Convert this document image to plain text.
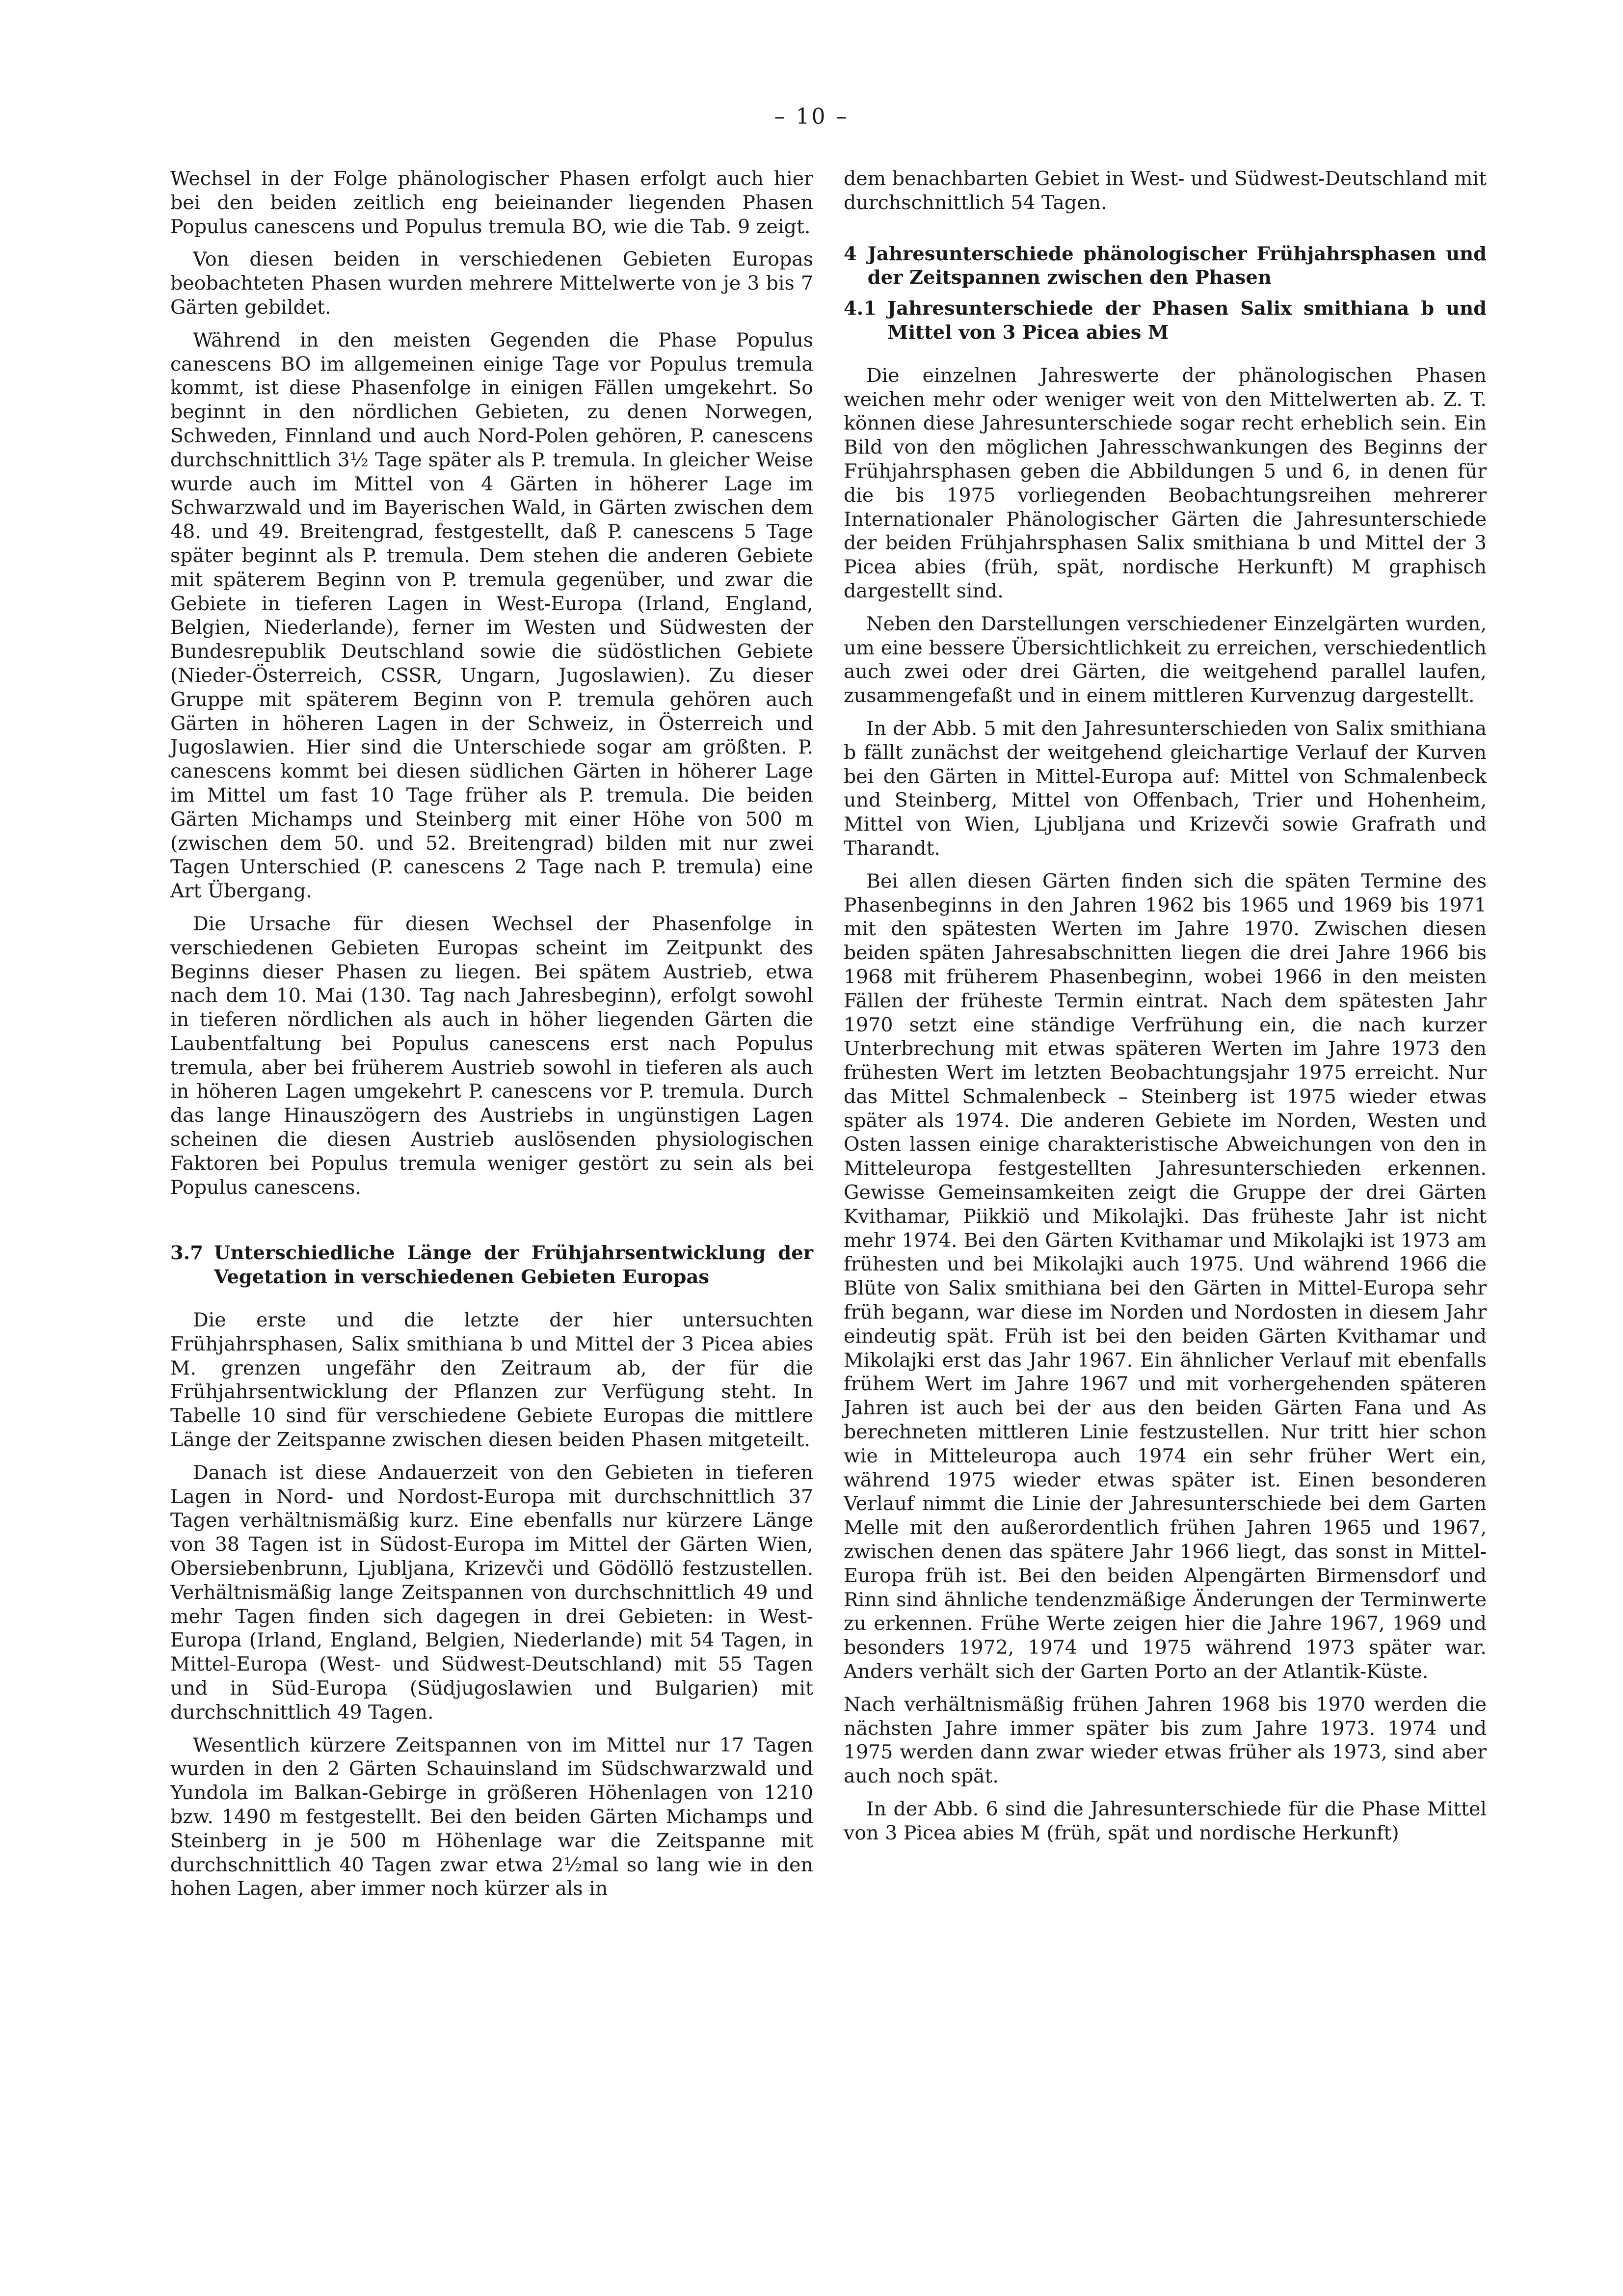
– 10 –

Wechsel in der Folge phänologischer Phasen erfolgt auch hier bei den beiden zeitlich eng beieinander liegenden Phasen Populus canescens und Populus tremula BO, wie die Tab. 9 zeigt.

Von diesen beiden in verschiedenen Gebieten Europas beobachteten Phasen wurden mehrere Mittelwerte von je 3 bis 7 Gärten gebildet.

Während in den meisten Gegenden die Phase Populus canescens BO im allgemeinen einige Tage vor Populus tremula kommt, ist diese Phasenfolge in einigen Fällen umgekehrt. So beginnt in den nördlichen Gebieten, zu denen Norwegen, Schweden, Finnland und auch Nord-Polen gehören, P. canescens durchschnittlich 3½ Tage später als P. tremula. In gleicher Weise wurde auch im Mittel von 4 Gärten in höherer Lage im Schwarzwald und im Bayerischen Wald, in Gärten zwischen dem 48. und 49. Breitengrad, festgestellt, daß P. canescens 5 Tage später beginnt als P. tremula. Dem stehen die anderen Gebiete mit späterem Beginn von P. tremula gegenüber, und zwar die Gebiete in tieferen Lagen in West-Europa (Irland, England, Belgien, Niederlande), ferner im Westen und Südwesten der Bundesrepublik Deutschland sowie die südöstlichen Gebiete (Nieder-Österreich, CSSR, Ungarn, Jugoslawien). Zu dieser Gruppe mit späterem Beginn von P. tremula gehören auch Gärten in höheren Lagen in der Schweiz, in Österreich und Jugoslawien. Hier sind die Unterschiede sogar am größten. P. canescens kommt bei diesen südlichen Gärten in höherer Lage im Mittel um fast 10 Tage früher als P. tremula. Die beiden Gärten Michamps und Steinberg mit einer Höhe von 500 m (zwischen dem 50. und 52. Breitengrad) bilden mit nur zwei Tagen Unterschied (P. canescens 2 Tage nach P. tremula) eine Art Übergang.

Die Ursache für diesen Wechsel der Phasenfolge in verschiedenen Gebieten Europas scheint im Zeitpunkt des Beginns dieser Phasen zu liegen. Bei spätem Austrieb, etwa nach dem 10. Mai (130. Tag nach Jahresbeginn), erfolgt sowohl in tieferen nördlichen als auch in höher liegenden Gärten die Laubentfaltung bei Populus canescens erst nach Populus tremula, aber bei früherem Austrieb sowohl in tieferen als auch in höheren Lagen umgekehrt P. canescens vor P. tremula. Durch das lange Hinauszögern des Austriebs in ungünstigen Lagen scheinen die diesen Austrieb auslösenden physiologischen Faktoren bei Populus tremula weniger gestört zu sein als bei Populus canescens.

3.7 Unterschiedliche Länge der Frühjahrsentwicklung der Vegetation in verschiedenen Gebieten Europas

Die erste und die letzte der hier untersuchten Frühjahrsphasen, Salix smithiana b und Mittel der 3 Picea abies M. grenzen ungefähr den Zeitraum ab, der für die Frühjahrsentwicklung der Pflanzen zur Verfügung steht. In Tabelle 10 sind für verschiedene Gebiete Europas die mittlere Länge der Zeitspanne zwischen diesen beiden Phasen mitgeteilt.

Danach ist diese Andauerzeit von den Gebieten in tieferen Lagen in Nord- und Nordost-Europa mit durchschnittlich 37 Tagen verhältnismäßig kurz. Eine ebenfalls nur kürzere Länge von 38 Tagen ist in Südost-Europa im Mittel der Gärten Wien, Obersiebenbrunn, Ljubljana, Krizevči und Gödöllö festzustellen. Verhältnismäßig lange Zeitspannen von durchschnittlich 49 und mehr Tagen finden sich dagegen in drei Gebieten: in West-Europa (Irland, England, Belgien, Niederlande) mit 54 Tagen, in Mittel-Europa (West- und Südwest-Deutschland) mit 55 Tagen und in Süd-Europa (Südjugoslawien und Bulgarien) mit durchschnittlich 49 Tagen.

Wesentlich kürzere Zeitspannen von im Mittel nur 17 Tagen wurden in den 2 Gärten Schauinsland im Südschwarzwald und Yundola im Balkan-Gebirge in größeren Höhenlagen von 1210 bzw. 1490 m festgestellt. Bei den beiden Gärten Michamps und Steinberg in je 500 m Höhenlage war die Zeitspanne mit durchschnittlich 40 Tagen zwar etwa 2½mal so lang wie in den hohen Lagen, aber immer noch kürzer als in

dem benachbarten Gebiet in West- und Südwest-Deutschland mit durchschnittlich 54 Tagen.

4 Jahresunterschiede phänologischer Frühjahrsphasen und der Zeitspannen zwischen den Phasen
4.1 Jahresunterschiede der Phasen Salix smithiana b und Mittel von 3 Picea abies M

Die einzelnen Jahreswerte der phänologischen Phasen weichen mehr oder weniger weit von den Mittelwerten ab. Z. T. können diese Jahresunterschiede sogar recht erheblich sein. Ein Bild von den möglichen Jahresschwankungen des Beginns der Frühjahrsphasen geben die Abbildungen 5 und 6, in denen für die bis 1975 vorliegenden Beobachtungsreihen mehrerer Internationaler Phänologischer Gärten die Jahresunterschiede der beiden Frühjahrsphasen Salix smithiana b und Mittel der 3 Picea abies (früh, spät, nordische Herkunft) M graphisch dargestellt sind.

Neben den Darstellungen verschiedener Einzelgärten wurden, um eine bessere Übersichtlichkeit zu erreichen, verschiedentlich auch zwei oder drei Gärten, die weitgehend parallel laufen, zusammengefaßt und in einem mittleren Kurvenzug dargestellt.

In der Abb. 5 mit den Jahresunterschieden von Salix smithiana b fällt zunächst der weitgehend gleichartige Verlauf der Kurven bei den Gärten in Mittel-Europa auf: Mittel von Schmalenbeck und Steinberg, Mittel von Offenbach, Trier und Hohenheim, Mittel von Wien, Ljubljana und Krizevči sowie Grafrath und Tharandt.

Bei allen diesen Gärten finden sich die späten Termine des Phasenbeginns in den Jahren 1962 bis 1965 und 1969 bis 1971 mit den spätesten Werten im Jahre 1970. Zwischen diesen beiden späten Jahresabschnitten liegen die drei Jahre 1966 bis 1968 mit früherem Phasenbeginn, wobei 1966 in den meisten Fällen der früheste Termin eintrat. Nach dem spätesten Jahr 1970 setzt eine ständige Verfrühung ein, die nach kurzer Unterbrechung mit etwas späteren Werten im Jahre 1973 den frühesten Wert im letzten Beobachtungsjahr 1975 erreicht. Nur das Mittel Schmalenbeck – Steinberg ist 1975 wieder etwas später als 1974. Die anderen Gebiete im Norden, Westen und Osten lassen einige charakteristische Abweichungen von den in Mitteleuropa festgestellten Jahresunterschieden erkennen. Gewisse Gemeinsamkeiten zeigt die Gruppe der drei Gärten Kvithamar, Piikkiö und Mikolajki. Das früheste Jahr ist nicht mehr 1974. Bei den Gärten Kvithamar und Mikolajki ist 1973 am frühesten und bei Mikolajki auch 1975. Und während 1966 die Blüte von Salix smithiana bei den Gärten in Mittel-Europa sehr früh begann, war diese im Norden und Nordosten in diesem Jahr eindeutig spät. Früh ist bei den beiden Gärten Kvithamar und Mikolajki erst das Jahr 1967. Ein ähnlicher Verlauf mit ebenfalls frühem Wert im Jahre 1967 und mit vorhergehenden späteren Jahren ist auch bei der aus den beiden Gärten Fana und As berechneten mittleren Linie festzustellen. Nur tritt hier schon wie in Mitteleuropa auch 1974 ein sehr früher Wert ein, während 1975 wieder etwas später ist. Einen besonderen Verlauf nimmt die Linie der Jahresunterschiede bei dem Garten Melle mit den außerordentlich frühen Jahren 1965 und 1967, zwischen denen das spätere Jahr 1966 liegt, das sonst in Mittel-Europa früh ist. Bei den beiden Alpengärten Birmensdorf und Rinn sind ähnliche tendenzmäßige Änderungen der Terminwerte zu erkennen. Frühe Werte zeigen hier die Jahre 1967, 1969 und besonders 1972, 1974 und 1975 während 1973 später war. Anders verhält sich der Garten Porto an der Atlantik-Küste.

Nach verhältnismäßig frühen Jahren 1968 bis 1970 werden die nächsten Jahre immer später bis zum Jahre 1973. 1974 und 1975 werden dann zwar wieder etwas früher als 1973, sind aber auch noch spät.

In der Abb. 6 sind die Jahresunterschiede für die Phase Mittel von 3 Picea abies M (früh, spät und nordische Herkunft)
